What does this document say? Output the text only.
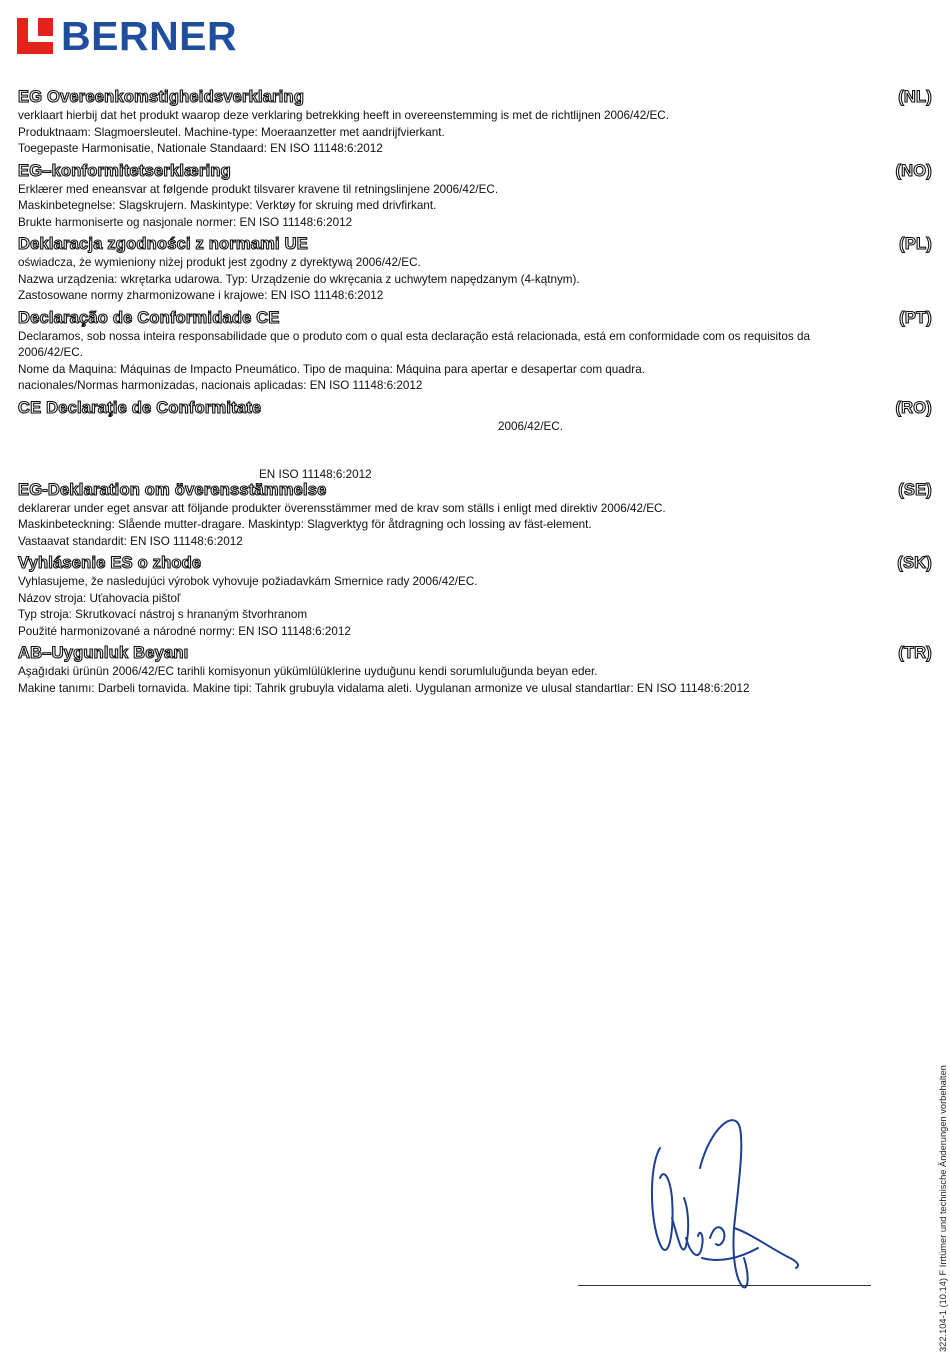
BERNER
EG Overeenkomstigheidsverklaring	(NL)

verklaart hierbij dat het produkt waarop deze verklaring betrekking heeft in overeenstemming is met de richtlijnen 2006/42/EC.

Produktnaam: Slagmoersleutel. Machine-type: Moeraanzetter met aandrijfvierkant.

Toegepaste Harmonisatie, Nationale Standaard: EN ISO 11148:6:2012

EG–konformitetserklæring	(NO)

Erklærer med eneansvar at følgende produkt tilsvarer kravene til retningslinjene 2006/42/EC.

Maskinbetegnelse: Slagskrujern. Maskintype: Verktøy for skruing med drivfirkant.

Brukte harmoniserte og nasjonale normer: EN ISO 11148:6:2012

Deklaracja zgodności z normami UE	(PL)

oświadcza, że wymieniony niżej produkt jest zgodny z dyrektywą 2006/42/EC.

Nazwa urządzenia: wkrętarka udarowa. Typ: Urządzenie do wkręcania z uchwytem napędzanym (4-kątnym).

Zastosowane normy zharmonizowane i krajowe: EN ISO 11148:6:2012

Declaração de Conformidade CE	(PT)

Declaramos, sob nossa inteira responsabilidade que o produto com o qual esta declaração está relacionada, está em conformidade com os requisitos da 2006/42/EC.

Nome da Maquina: Máquinas de Impacto Pneumático. Tipo de maquina: Máquina para apertar e desapertar com quadra.

nacionales/Normas harmonizadas, nacionais aplicadas: EN ISO 11148:6:2012

CE Declaraţie de Conformitate	(RO)
2006/42/EC.
EN ISO 11148:6:2012
EG-Deklaration om överensstämmelse	(SE)

deklarerar under eget ansvar att följande produkter överensstämmer med de krav som ställs i enligt med direktiv 2006/42/EC.

Maskinbeteckning: Slående mutter-dragare. Maskintyp: Slagverktyg för åtdragning och lossing av fäst-element.

Vastaavat standardit: EN ISO 11148:6:2012

Vyhlásenie ES o zhode	(SK)

Vyhlasujeme, že nasledujúci výrobok vyhovuje požiadavkám Smernice rady 2006/42/EC.

Názov stroja: Uťahovacia pištoľ

Typ stroja: Skrutkovací nástroj s hrananým štvorhranom

Použité harmonizované a národné normy: EN ISO 11148:6:2012

AB–Uygunluk Beyanı	(TR)

Aşağıdaki ürünün 2006/42/EC tarihli komisyonun yükümlülüklerine uyduğunu kendi sorumluluğunda beyan eder.

Makine tanımı: Darbeli tornavida. Makine tipi: Tahrik grubuyla vidalama aleti. Uygulanan armonize ve ulusal standartlar: EN ISO 11148:6:2012

322.104-1 (10.14) F Irrtümer und technische Änderungen vorbehalten
